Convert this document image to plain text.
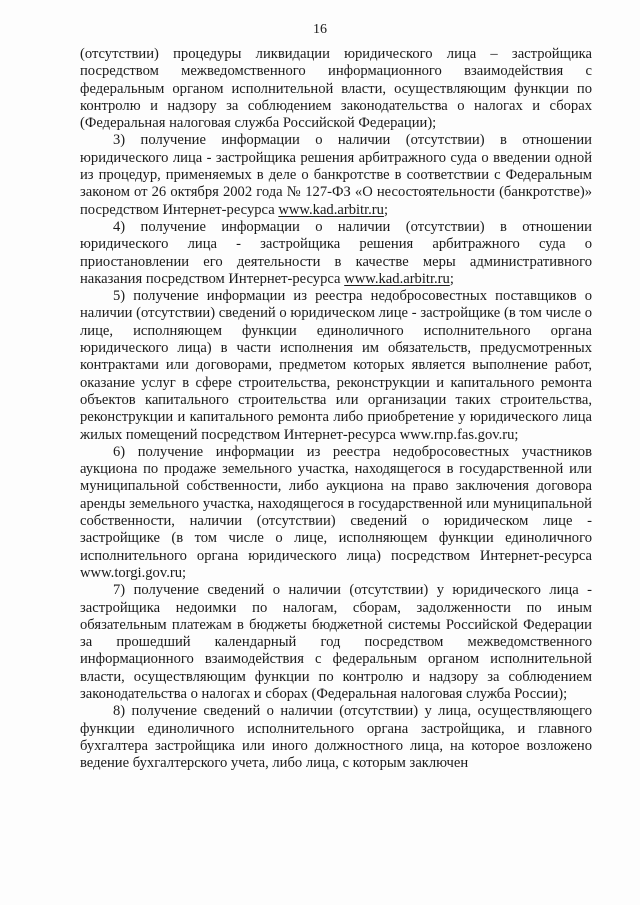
16

(отсутствии) процедуры ликвидации юридического лица – застройщика посредством межведомственного информационного взаимодействия с федеральным органом исполнительной власти, осуществляющим функции по контролю и надзору за соблюдением законодательства о налогах и сборах (Федеральная налоговая служба Российской Федерации);

3) получение информации о наличии (отсутствии) в отношении юридического лица - застройщика решения арбитражного суда о введении одной из процедур, применяемых в деле о банкротстве в соответствии с Федеральным законом от 26 октября 2002 года № 127-ФЗ «О несостоятельности (банкротстве)» посредством Интернет-ресурса www.kad.arbitr.ru;

4) получение информации о наличии (отсутствии) в отношении юридического лица - застройщика решения арбитражного суда о приостановлении его деятельности в качестве меры административного наказания посредством Интернет-ресурса www.kad.arbitr.ru;

5) получение информации из реестра недобросовестных поставщиков о наличии (отсутствии) сведений о юридическом лице - застройщике (в том числе о лице, исполняющем функции единоличного исполнительного органа юридического лица) в части исполнения им обязательств, предусмотренных контрактами или договорами, предметом которых является выполнение работ, оказание услуг в сфере строительства, реконструкции и капитального ремонта объектов капитального строительства или организации таких строительства, реконструкции и капитального ремонта либо приобретение у юридического лица жилых помещений посредством Интернет-ресурса www.rnp.fas.gov.ru;

6) получение информации из реестра недобросовестных участников аукциона по продаже земельного участка, находящегося в государственной или муниципальной собственности, либо аукциона на право заключения договора аренды земельного участка, находящегося в государственной или муниципальной собственности, наличии (отсутствии) сведений о юридическом лице - застройщике (в том числе о лице, исполняющем функции единоличного исполнительного органа юридического лица) посредством Интернет-ресурса www.torgi.gov.ru;

7) получение сведений о наличии (отсутствии) у юридического лица - застройщика недоимки по налогам, сборам, задолженности по иным обязательным платежам в бюджеты бюджетной системы Российской Федерации за прошедший календарный год посредством межведомственного информационного взаимодействия с федеральным органом исполнительной власти, осуществляющим функции по контролю и надзору за соблюдением законодательства о налогах и сборах (Федеральная налоговая служба России);

8) получение сведений о наличии (отсутствии) у лица, осуществляющего функции единоличного исполнительного органа застройщика, и главного бухгалтера застройщика или иного должностного лица, на которое возложено ведение бухгалтерского учета, либо лица, с которым заключен
